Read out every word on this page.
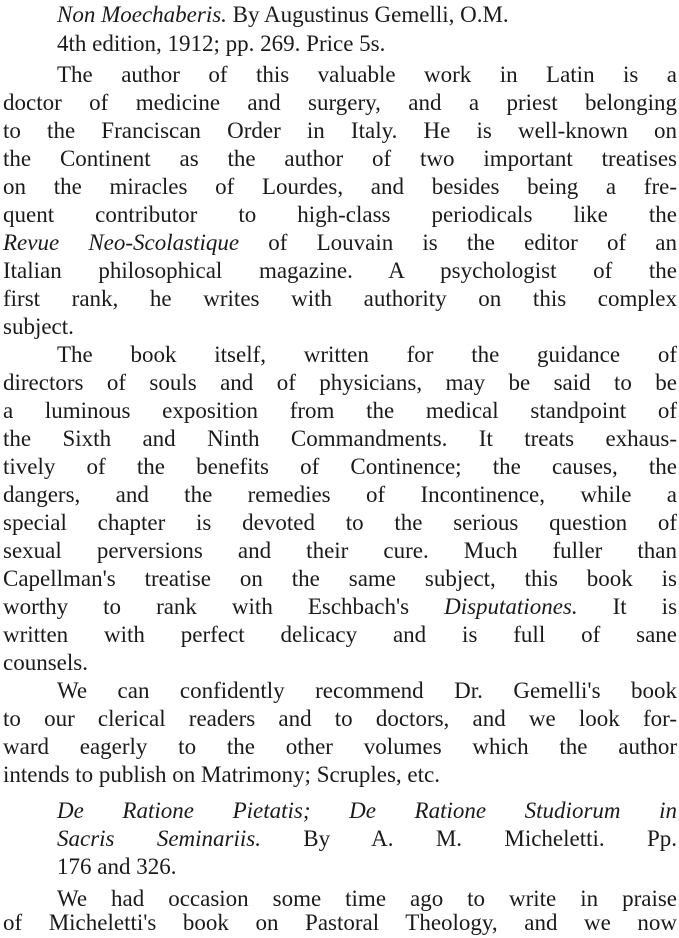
Non Moechaberis. By Augustinus Gemelli, O.M.
4th edition, 1912; pp. 269. Price 5s.
The author of this valuable work in Latin is a
doctor of medicine and surgery, and a priest belonging
to the Franciscan Order in Italy. He is well-known on
the Continent as the author of two important treatises
on the miracles of Lourdes, and besides being a fre-
quent contributor to high-class periodicals like the
Revue Neo-Scolastique of Louvain is the editor of an
Italian philosophical magazine. A psychologist of the
first rank, he writes with authority on this complex
subject.
The book itself, written for the guidance of
directors of souls and of physicians, may be said to be
a luminous exposition from the medical standpoint of
the Sixth and Ninth Commandments. It treats exhaus-
tively of the benefits of Continence; the causes, the
dangers, and the remedies of Incontinence, while a
special chapter is devoted to the serious question of
sexual perversions and their cure. Much fuller than
Capellman's treatise on the same subject, this book is
worthy to rank with Eschbach's Disputationes. It is
written with perfect delicacy and is full of sane
counsels.
We can confidently recommend Dr. Gemelli's book
to our clerical readers and to doctors, and we look for-
ward eagerly to the other volumes which the author
intends to publish on Matrimony; Scruples, etc.
De Ratione Pietatis; De Ratione Studiorum in
Sacris Seminariis. By A. M. Micheletti. Pp.
176 and 326.
We had occasion some time ago to write in praise
of Micheletti's book on Pastoral Theology, and we now
